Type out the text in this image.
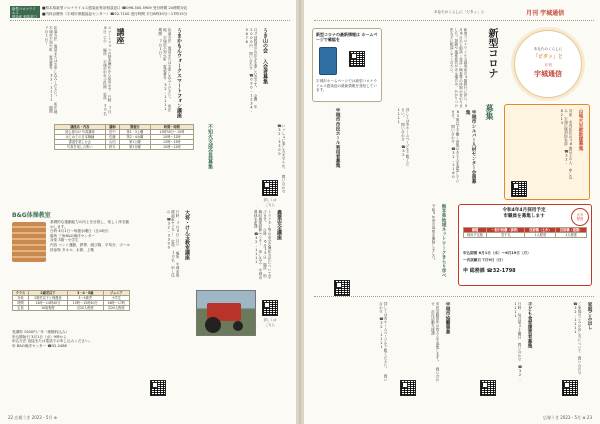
新型コロナウイルス
感染症 相談窓口
■熊本県新型コロナウイルス感染症専用相談窓口 ☎096-300-5909 受付時間 24時間対応
■内科診療所（宇城市保健福祉センター）☎32-7100 受付時間 平日8時30分〜17時15分
応募方法 電話またはお申し込みください。 所在地 宇城市不知火町 電話番号 32-1111 期間 7月1日〜	講座
スマートフォンの基本操作から応用まで 日時 7月8日（土） 場所 宇城市中央公民館 定員 20名	うまかもんウォークスマートフォン講座
応募方法 電話またはお申し込みください。 所在地 宇城市不知火町 電話番号 32-1111 期間 7月1日〜	うき山の会 入会者募集
月2回程度の山歩きを楽しむ会です。 会費 年2000円 問い合わせ ☎090-1234-5678
講座名・内容	講師	開催日	時間・時間
初心者向け 写真講座	田中	第1・3土曜	13時30分〜15時
はじめての日本舞踊	佐藤	第2・4水曜	10時〜12時
書道を楽しむ会	山田	第1土曜	13時〜15時
写真を楽しむ集い	鈴木	第2日曜	10時〜12時	不知火支部会員募集	いっしょに楽しみませんか。 問い合わせ ☎32-3300
B&G体操教室
基礎的な運動能力の向上を目指し、楽しく体を動かします。
日時 4月1日〜毎週水曜日（全10回）
場所 三角B&G海洋センター
対象 3歳〜小学生
内容 マット運動、鉄棒、跳び箱、平均台、ボール
持参物 タオル、水筒、上靴
クラス	2歳児以下	3・4・5歳	ジュニア
対象	2歳児以下と保護者	3〜5歳児	小学生
時間	14時〜14時40分	15時〜15時40分	16時〜17時
定員	10組程度	各20人程度	各20人程度
受講料 1500円／年（保険料込み）
申込開始日 3月1日（水）9時から
申込方法 直接または電話でお申し込みください。
申 B&G海洋センター ☎52-2488
大将・けん玉教室講座
日時 7月9日（日） 場所 宇城市保健福祉センター 定員 10名 申し込み ☎32-3300	農業安全講座
トラクター等の安全な操作方法について学びます。 日時 6月15日 場所 松橋町農業研修センター 申し込み 宇城市農林水産課 ☎32-1111
詳しくは
こちら
詳しくは
こちら
22 広報うき 2023・5月 ⊕
あなたのくらしに「ピタッ」と	月刊 宇城通信
新型コロナの最新情報は ホームページで確認を
宇城市ホームページでは新型コロナウイルス感染症の最新情報を発信しています。	新型コロナウイルス感染症の5類移行に伴い、5月8日から相談・受診・検査等の体制が変わりました。発熱や風邪症状がある場合は、かかりつけ医などに相談してください。	新型コロナ	あなたのくらしに
「ピタッ」と
月刊
宇城通信
募集
宇城市シルバー人材センター会員募集
60歳以上で働く意欲のある人を募集しています。 問い合わせ ☎32-1160
詳しくは市ホームページをご覧ください。 問い合わせ ☎32-1111
宇城市市民ホール利用者募集	山地火災救助隊募集
対象 市内在住の18歳以上の人 申し込み 宇城広域消防本部 ☎32-6213
令和4年4月採用予定
市職員を募集します	大卒
程度
職種	一般行政職（事務）	技術職（土木）	技術職（建築）
採用予定数	若干名	1人程度	1人程度
申込期間 6月1日（木）〜6月19日（月）
一次試験日 7月9日（日）
申 総務課 ☎32-1798
熊本県地域ネットワークきらり学べ
令和5年度の募集を開始しました。
宇城市協働事業
市民活動団体の皆さんを募集します。 問い合わせ 市民活動支援課	子ども食堂運営者募集
日時 毎月第2土曜日 問い合わせ ☎32-1111	家庭ごみ出し
ご家庭のごみの出し方について 問い合わせ ☎32-1111
詳しくは市ホームページをご覧ください。 問い合わせ ☎32-1111
広報うき 2023・5月 ⊕ 23
